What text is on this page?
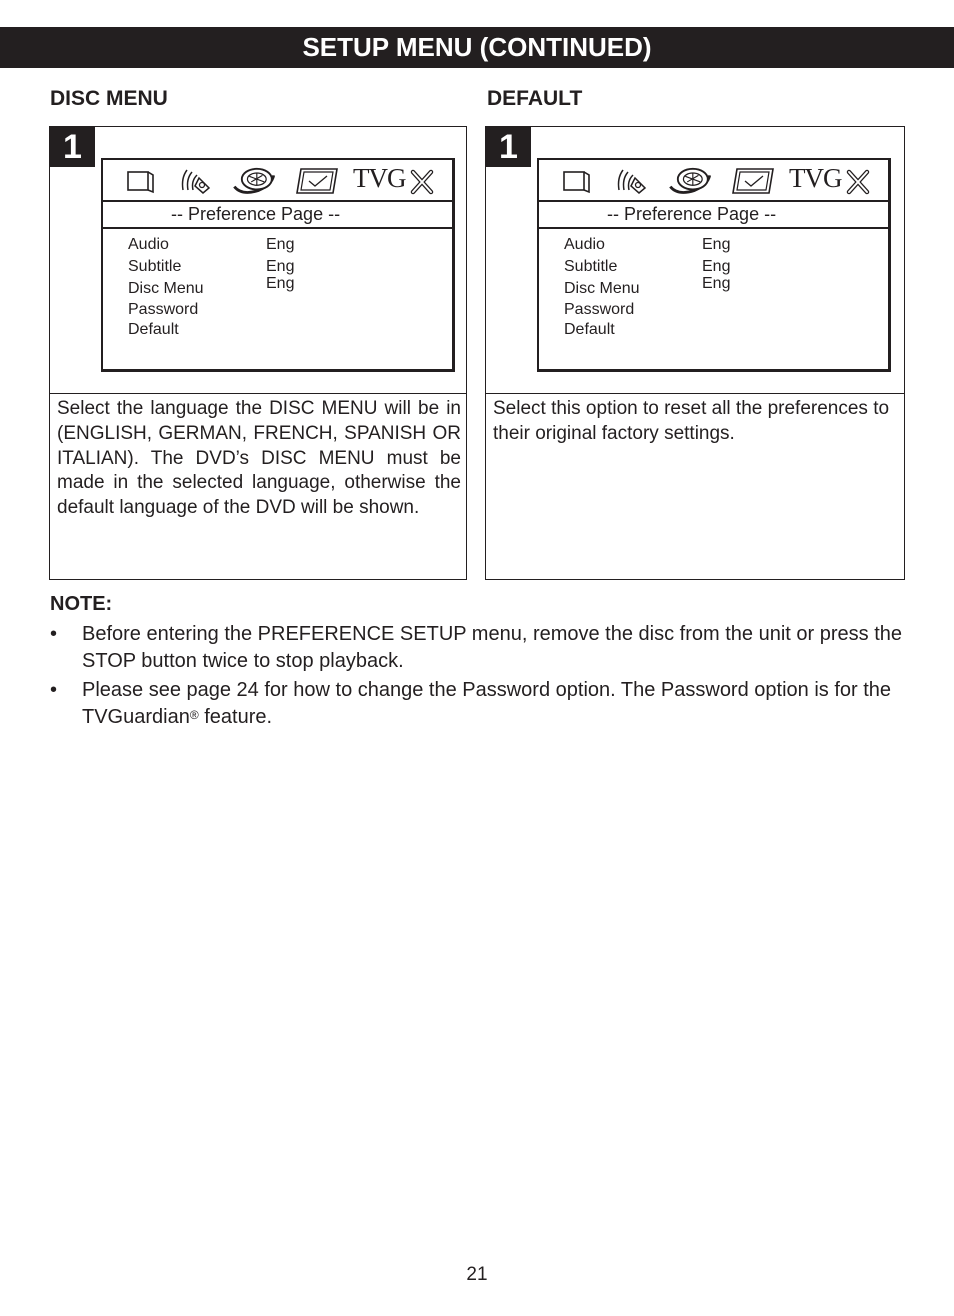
SETUP MENU (CONTINUED)
DISC MENU
1
TVG
-- Preference Page --
Audio
Subtitle
Disc Menu
Password
Default
Eng
Eng
Eng
Select the language the DISC MENU will be in (ENGLISH, GERMAN, FRENCH, SPANISH OR ITALIAN). The DVD’s DISC MENU must be made in the selected language, otherwise the default language of the DVD will be shown.
DEFAULT
1
TVG
-- Preference Page --
Audio
Subtitle
Disc Menu
Password
Default
Eng
Eng
Eng
Select this option to reset all the preferences to their original factory settings.
NOTE:
• Before entering the PREFERENCE SETUP menu, remove the disc from the unit or press the STOP button twice to stop playback.
• Please see page 24 for how to change the Password option. The Password option is for the TVGuardian® feature.
21
